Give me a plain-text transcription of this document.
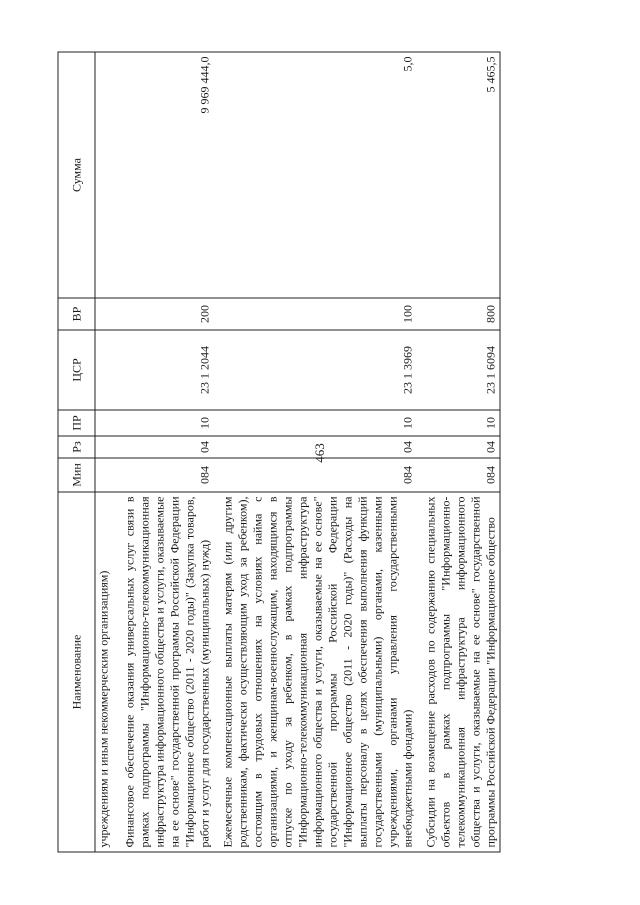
463
Наименование	Мин	Рз	ПР	ЦСР	ВР	Сумма
учреждениям и иным некоммерческим организациям)						

Финансовое обеспечение оказания универсальных услуг связи в рамках подпрограммы "Информационно-телекоммуникационная инфраструктура информационного общества и услуги, оказываемые на ее основе" государственной программы Российской Федерации "Информационное общество (2011 - 2020 годы)" (Закупка товаров, работ и услуг для государственных (муниципальных) нужд)	084	04	10	23 1 2044	200	9 969 444,0

Ежемесячные компенсационные выплаты матерям (или другим родственникам, фактически осуществляющим уход за ребенком), состоящим в трудовых отношениях на условиях найма с организациями, и женщинам-военнослужащим, находящимся в отпуске по уходу за ребенком, в рамках подпрограммы "Информационно-телекоммуникационная инфраструктура информационного общества и услуги, оказываемые на ее основе" государственной программы Российской Федерации "Информационное общество (2011 - 2020 годы)" (Расходы на выплаты персоналу в целях обеспечения выполнения функций государственными (муниципальными) органами, казенными учреждениями, органами управления государственными внебюджетными фондами)	084	04	10	23 1 3969	100	5,0

Субсидии на возмещение расходов по содержанию специальных объектов в рамках подпрограммы "Информационно-телекоммуникационная инфраструктура информационного общества и услуги, оказываемые на ее основе" государственной программы Российской Федерации "Информационное общество	084	04	10	23 1 6094	800	5 465,5
